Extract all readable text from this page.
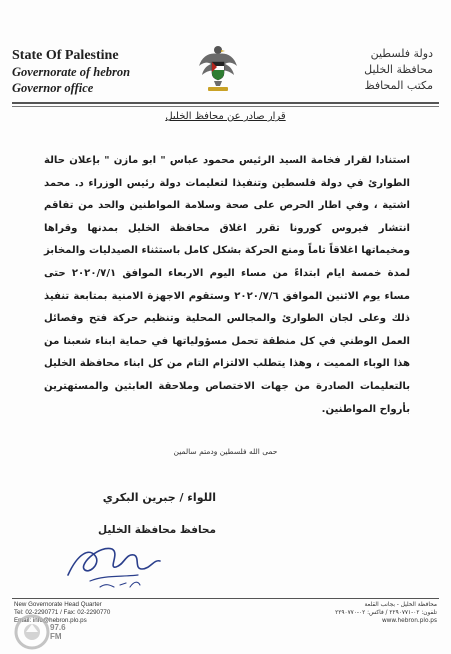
State Of Palestine
Governorate of hebron
Governor office
دولة فلسطين
محافظة الخليل
مكتب المحافظ
قرار صادر عن محافظ الخليل

استنادا لقرار فخامة السيد الرئيس محمود عباس " ابو مازن " بإعلان حالة الطوارئ في دولة فلسطين وتنفيذا لتعليمات دولة رئيس الوزراء د. محمد اشتية ، وفي اطار الحرص على صحة وسلامة المواطنين والحد من تفاقم انتشار فيروس كورونا تقرر اغلاق محافظة الخليل بمدنها وقراها ومخيماتها اغلاقاً تاماً ومنع الحركة بشكل كامل باستثناء الصيدليات والمخابز لمدة خمسة ايام ابتداءً من مساء اليوم الاربعاء الموافق ٢٠٢٠/٧/١ حتى مساء يوم الاثنين الموافق ٢٠٢٠/٧/٦ وستقوم الاجهزة الامنية بمتابعة تنفيذ ذلك وعلى لجان الطوارئ والمجالس المحلية وتنظيم حركة فتح وفصائل العمل الوطني في كل منطقة تحمل مسؤولياتها في حماية ابناء شعبنا من هذا الوباء المميت ، وهذا يتطلب الالتزام التام من كل ابناء محافظة الخليل بالتعليمات الصادرة من جهات الاختصاص وملاحقة العابثين والمستهترين بأرواح المواطنين.

حمى الله فلسطين ودمتم سالمين
اللواء / جبرين البكري
محافظ محافظة الخليل
New Governorate Head Quarter
Tel: 02-2290771 / Fax: 02-2290770
Email: info@hebron.plo.ps
محافظة الخليل - بجانب القلعة
تلفون: ٠٢-٢٢٩٠٧٧١ / فاكس: ٠٢-٢٢٩٠٧٧٠
www.hebron.plo.ps
97.6
FM
